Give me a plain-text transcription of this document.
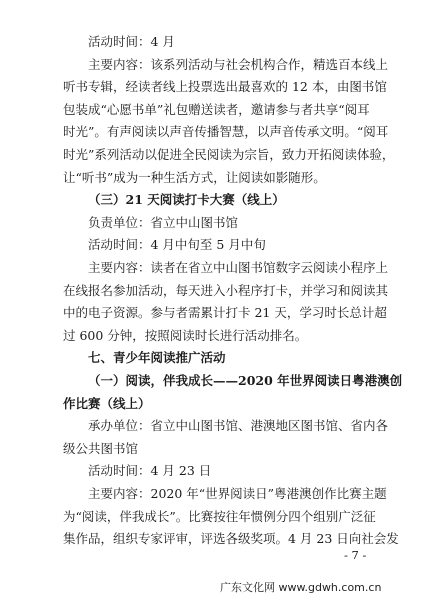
活动时间：4 月

主要内容：该系列活动与社会机构合作，精选百本线上

听书专辑，经读者线上投票选出最喜欢的 12 本，由图书馆

包装成“心愿书单”礼包赠送读者，邀请参与者共享“阅耳

时光”。有声阅读以声音传播智慧，以声音传承文明。“阅耳

时光”系列活动以促进全民阅读为宗旨，致力开拓阅读体验，

让“听书”成为一种生活方式，让阅读如影随形。

（三）21 天阅读打卡大赛（线上）

负责单位：省立中山图书馆

活动时间：4 月中旬至 5 月中旬

主要内容：读者在省立中山图书馆数字云阅读小程序上

在线报名参加活动，每天进入小程序打卡，并学习和阅读其

中的电子资源。参与者需累计打卡 21 天，学习时长总计超

过 600 分钟，按照阅读时长进行活动排名。

七、青少年阅读推广活动

（一）阅读，伴我成长——2020 年世界阅读日粤港澳创

作比赛（线上）

承办单位：省立中山图书馆、港澳地区图书馆、省内各

级公共图书馆

活动时间：4 月 23 日

主要内容：2020 年“世界阅读日”粤港澳创作比赛主题

为“阅读，伴我成长”。比赛按往年惯例分四个组别广泛征

集作品，组织专家评审，评选各级奖项。4 月 23 日向社会发

- 7 -
广东文化网 www.gdwh.com.cn
